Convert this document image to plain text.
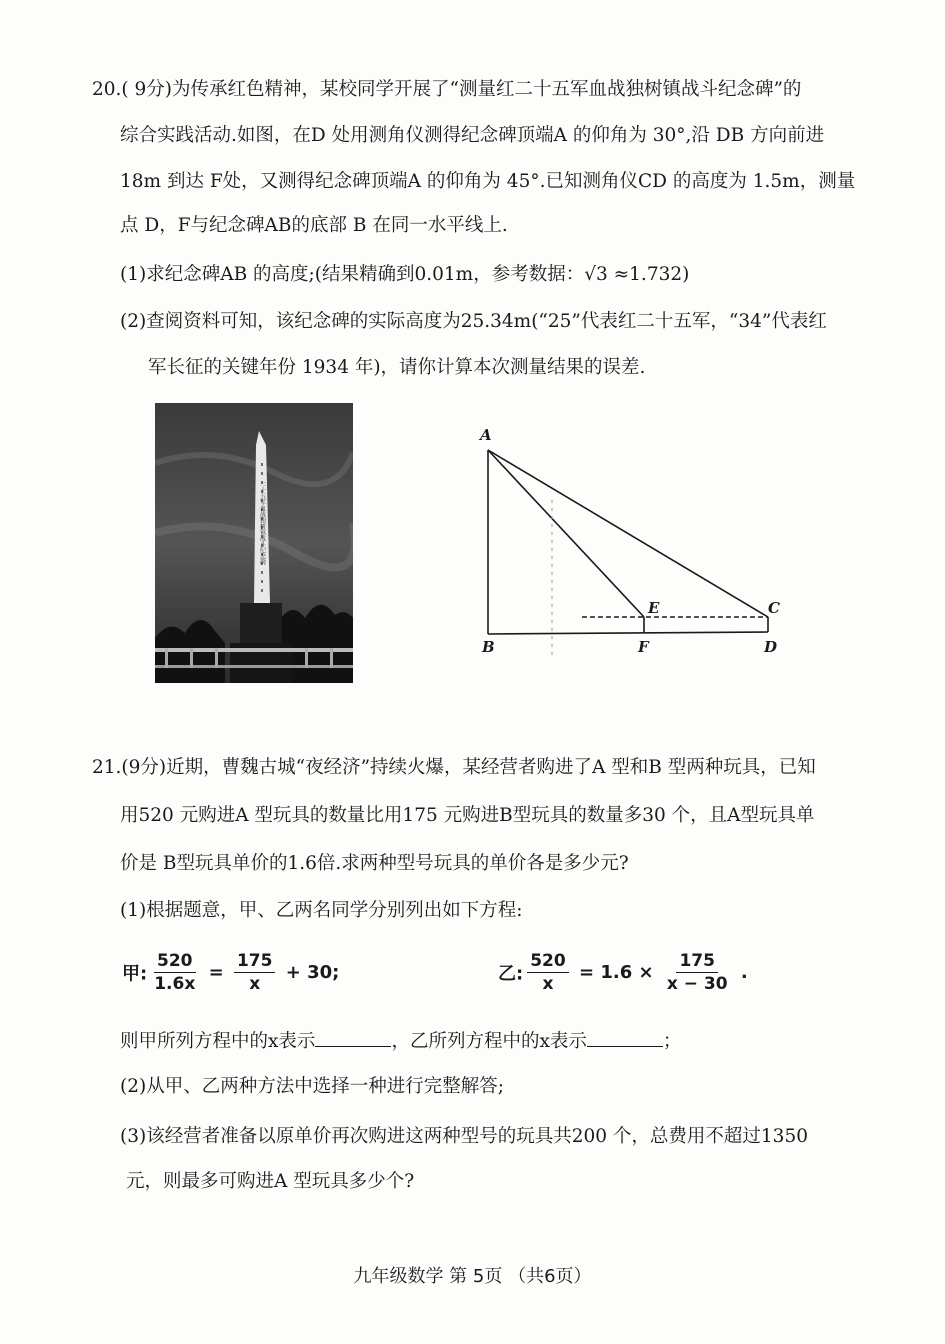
20.( 9分)为传承红色精神，某校同学开展了“测量红二十五军血战独树镇战斗纪念碑”的
综合实践活动.如图，在D 处用测角仪测得纪念碑顶端A 的仰角为 30°,沿 DB 方向前进
18m 到达 F处，又测得纪念碑顶端A 的仰角为 45°.已知测角仪CD 的高度为 1.5m，测量
点 D，F与纪念碑AB的底部 B 在同一水平线上.
(1)求纪念碑AB 的高度;(结果精确到0.01m，参考数据：√3 ≈1.732)
(2)查阅资料可知，该纪念碑的实际高度为25.34m(“25”代表红二十五军，“34”代表红
军长征的关键年份 1934 年)，请你计算本次测量结果的误差.
二十五军血战独树镇战斗纪念碑
A
B
C
D
E
F
21.(9分)近期，曹魏古城“夜经济”持续火爆，某经营者购进了A 型和B 型两种玩具，已知
用520 元购进A 型玩具的数量比用175 元购进B型玩具的数量多30 个，且A型玩具单
价是 B型玩具单价的1.6倍.求两种型号玩具的单价各是多少元?
(1)根据题意，甲、乙两名同学分别列出如下方程:
甲: $\frac{520}{1.6x} = \frac{175}{x} + 30$;	乙: $\frac{520}{x} = 1.6 \times \frac{175}{x - 30}$ .
则甲所列方程中的x表示	，乙所列方程中的x表示	；
(2)从甲、乙两种方法中选择一种进行完整解答;
(3)该经营者准备以原单价再次购进这两种型号的玩具共200 个，总费用不超过1350
元，则最多可购进A 型玩具多少个?
九年级数学 第 5页 （共6页）
